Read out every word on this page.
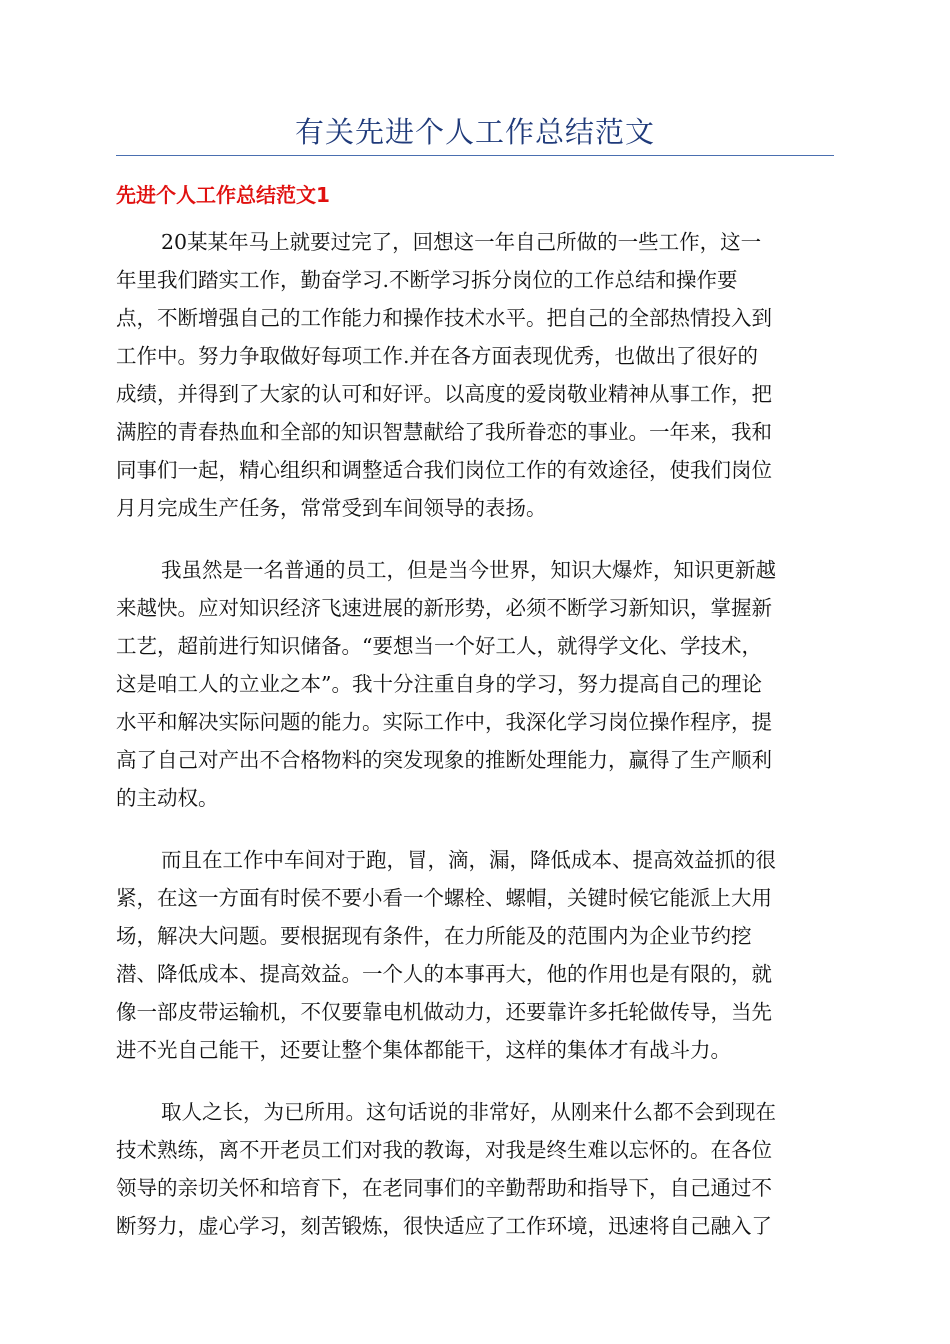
有关先进个人工作总结范文
先进个人工作总结范文1

20某某年马上就要过完了，回想这一年自己所做的一些工作，这一
年里我们踏实工作，勤奋学习.不断学习拆分岗位的工作总结和操作要
点，不断增强自己的工作能力和操作技术水平。把自己的全部热情投入到
工作中。努力争取做好每项工作.并在各方面表现优秀，也做出了很好的
成绩，并得到了大家的认可和好评。以高度的爱岗敬业精神从事工作，把
满腔的青春热血和全部的知识智慧献给了我所眷恋的事业。一年来，我和
同事们一起，精心组织和调整适合我们岗位工作的有效途径，使我们岗位
月月完成生产任务，常常受到车间领导的表扬。

我虽然是一名普通的员工，但是当今世界，知识大爆炸，知识更新越
来越快。应对知识经济飞速进展的新形势，必须不断学习新知识，掌握新
工艺，超前进行知识储备。“要想当一个好工人，就得学文化、学技术，
这是咱工人的立业之本”。我十分注重自身的学习，努力提高自己的理论
水平和解决实际问题的能力。实际工作中，我深化学习岗位操作程序，提
高了自己对产出不合格物料的突发现象的推断处理能力，赢得了生产顺利
的主动权。

而且在工作中车间对于跑，冒，滴，漏，降低成本、提高效益抓的很
紧，在这一方面有时侯不要小看一个螺栓、螺帽，关键时候它能派上大用
场，解决大问题。要根据现有条件，在力所能及的范围内为企业节约挖
潜、降低成本、提高效益。一个人的本事再大，他的作用也是有限的，就
像一部皮带运输机，不仅要靠电机做动力，还要靠许多托轮做传导，当先
进不光自己能干，还要让整个集体都能干，这样的集体才有战斗力。

取人之长，为已所用。这句话说的非常好，从刚来什么都不会到现在
技术熟练，离不开老员工们对我的教诲，对我是终生难以忘怀的。在各位
领导的亲切关怀和培育下，在老同事们的辛勤帮助和指导下，自己通过不
断努力，虚心学习，刻苦锻炼，很快适应了工作环境，迅速将自己融入了
